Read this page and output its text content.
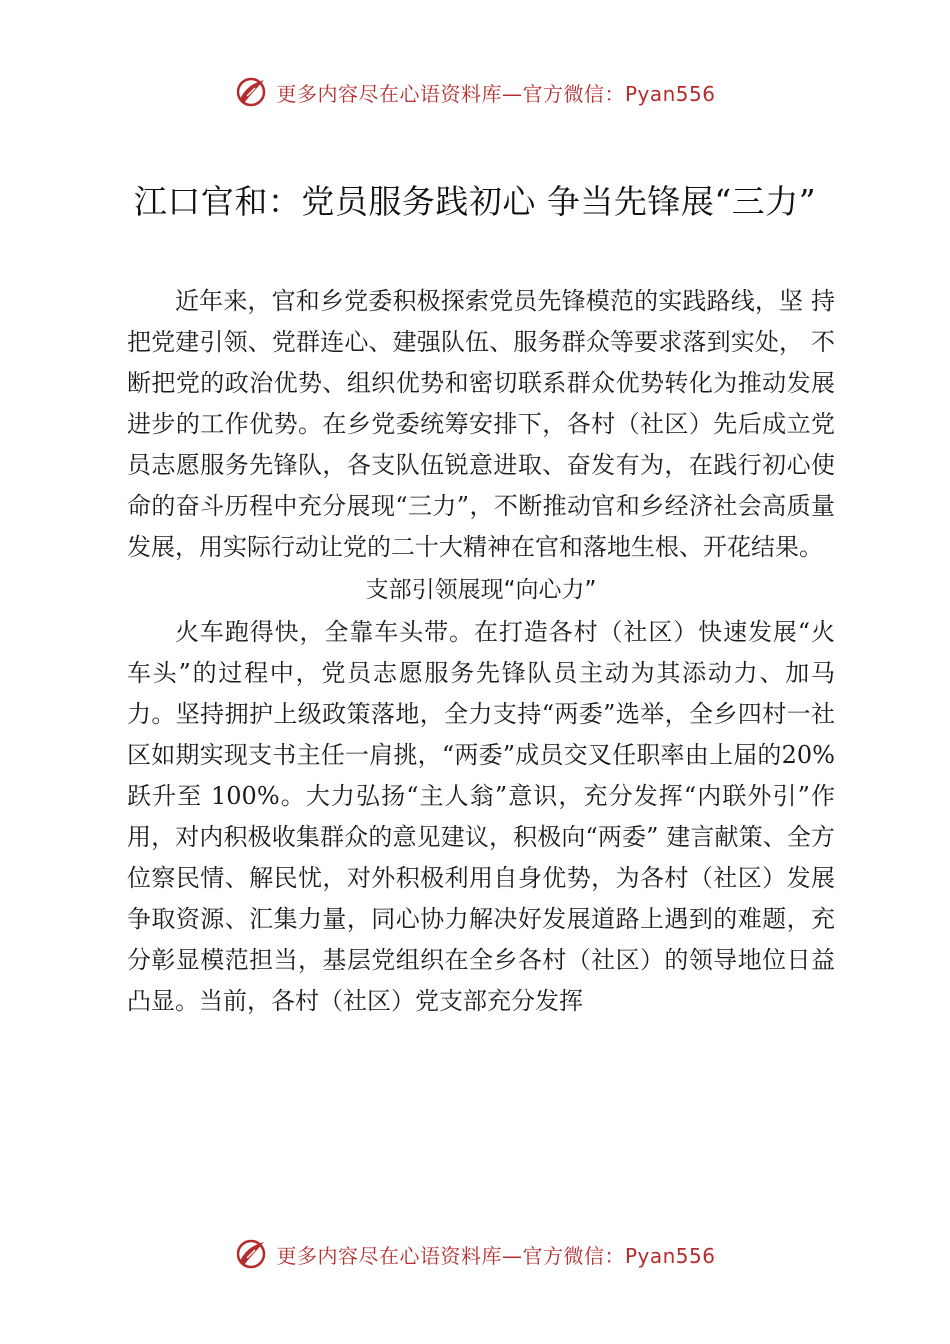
更多内容尽在心语资料库—官方微信：Pyan556
江口官和：党员服务践初心 争当先锋展“三力”

近年来，官和乡党委积极探索党员先锋模范的实践路线，坚 持把党建引领、党群连心、建强队伍、服务群众等要求落到实处， 不断把党的政治优势、组织优势和密切联系群众优势转化为推动发展进步的工作优势。在乡党委统筹安排下，各村（社区）先后成立党员志愿服务先锋队，各支队伍锐意进取、奋发有为，在践行初心使命的奋斗历程中充分展现“三力”，不断推动官和乡经济社会高质量发展，用实际行动让党的二十大精神在官和落地生根、开花结果。

支部引领展现“向心力”

火车跑得快，全靠车头带。在打造各村（社区）快速发展“火车头”的过程中，党员志愿服务先锋队员主动为其添动力、加马力。坚持拥护上级政策落地，全力支持“两委”选举，全乡四村一社区如期实现支书主任一肩挑，“两委”成员交叉任职率由上届的20%跃升至 100%。大力弘扬“主人翁”意识，充分发挥“内联外引”作用，对内积极收集群众的意见建议，积极向“两委” 建言献策、全方位察民情、解民忧，对外积极利用自身优势，为各村（社区）发展争取资源、汇集力量，同心协力解决好发展道路上遇到的难题，充分彰显模范担当，基层党组织在全乡各村（社区）的领导地位日益凸显。当前，各村（社区）党支部充分发挥

更多内容尽在心语资料库—官方微信：Pyan556
